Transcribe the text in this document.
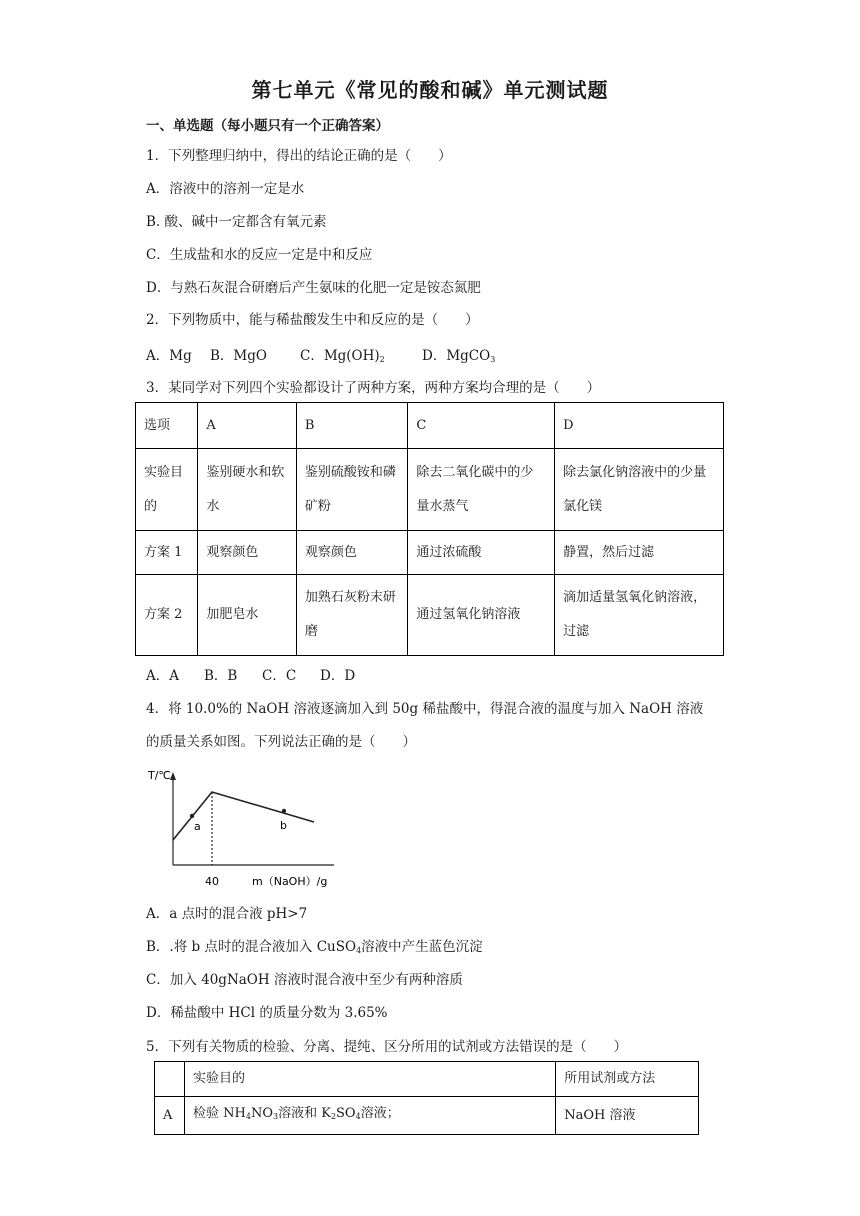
第七单元《常见的酸和碱》单元测试题
一、单选题（每小题只有一个正确答案）
1．下列整理归纳中，得出的结论正确的是（　　）
A．溶液中的溶剂一定是水
B. 酸、碱中一定都含有氧元素
C．生成盐和水的反应一定是中和反应
D．与熟石灰混合研磨后产生氨味的化肥一定是铵态氮肥
2．下列物质中，能与稀盐酸发生中和反应的是（　　）
A．Mg B．MgO C．$Mg(OH)_2$	D．MgCO$_3$
3．某同学对下列四个实验都设计了两种方案，两种方案均合理的是（　　）
选项	A	B	C	D
实验目的	鉴别硬水和软水	鉴别硫酸铵和磷矿粉	除去二氧化碳中的少量水蒸气	除去氯化钠溶液中的少量氯化镁
方案 1	观察颜色	观察颜色	通过浓硫酸	静置，然后过滤
方案 2	加肥皂水	加熟石灰粉末研磨	通过氢氧化钠溶液	滴加适量氢氧化钠溶液，过滤
A．A B．B C．C D．D
4．将 10.0%的 NaOH 溶液逐滴加入到 50g 稀盐酸中，得混合液的温度与加入 NaOH 溶液
的质量关系如图。下列说法正确的是（　　）
T/℃
a	b
40	m（NaOH）/g
A．a 点时的混合液 pH>7
B．.将 b 点时的混合液加入 CuSO$_4$溶液中产生蓝色沉淀
C．加入 40gNaOH 溶液时混合液中至少有两种溶质
D．稀盐酸中 HCl 的质量分数为 3.65%
5．下列有关物质的检验、分离、提纯、区分所用的试剂或方法错误的是（　　）
	实验目的	所用试剂或方法
A	检验 $NH_4NO_3$溶液和 $K_2SO_4$溶液；	NaOH 溶液
